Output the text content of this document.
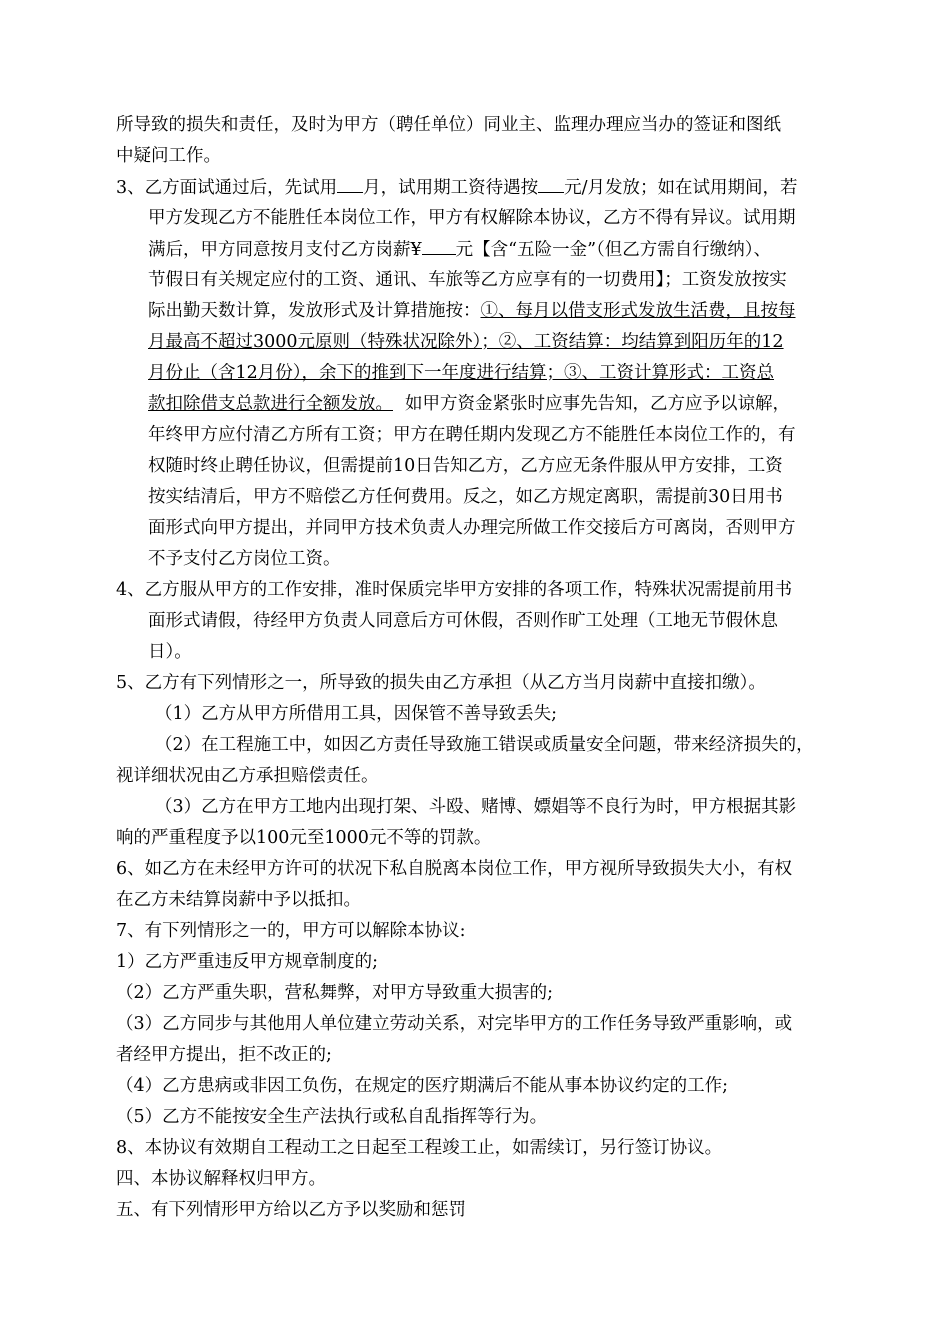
所导致的损失和责任，及时为甲方（聘任单位）同业主、监理办理应当办的签证和图纸
中疑问工作。
3、乙方面试通过后，先试用 月，试用期工资待遇按 元/月发放；如在试用期间，若
甲方发现乙方不能胜任本岗位工作，甲方有权解除本协议，乙方不得有异议。试用期
满后，甲方同意按月支付乙方岗薪¥ 元【含“五险一金”（但乙方需自行缴纳）、
节假日有关规定应付的工资、通讯、车旅等乙方应享有的一切费用】；工资发放按实
际出勤天数计算，发放形式及计算措施按：①、每月以借支形式发放生活费，且按每
月最高不超过3000元原则（特殊状况除外）；②、工资结算：均结算到阳历年的12
月份止（含12月份），余下的推到下一年度进行结算；③、工资计算形式：工资总
款扣除借支总款进行全额发放。 如甲方资金紧张时应事先告知，乙方应予以谅解，
年终甲方应付清乙方所有工资；甲方在聘任期内发现乙方不能胜任本岗位工作的，有
权随时终止聘任协议，但需提前10日告知乙方，乙方应无条件服从甲方安排，工资
按实结清后，甲方不赔偿乙方任何费用。反之，如乙方规定离职，需提前30日用书
面形式向甲方提出，并同甲方技术负责人办理完所做工作交接后方可离岗，否则甲方
不予支付乙方岗位工资。
4、乙方服从甲方的工作安排，准时保质完毕甲方安排的各项工作，特殊状况需提前用书
面形式请假，待经甲方负责人同意后方可休假，否则作旷工处理（工地无节假休息
日）。
5、乙方有下列情形之一，所导致的损失由乙方承担（从乙方当月岗薪中直接扣缴）。
（1）乙方从甲方所借用工具，因保管不善导致丢失;
（2）在工程施工中，如因乙方责任导致施工错误或质量安全问题，带来经济损失的，
视详细状况由乙方承担赔偿责任。
（3）乙方在甲方工地内出现打架、斗殴、赌博、嫖娼等不良行为时，甲方根据其影
响的严重程度予以100元至1000元不等的罚款。
6、如乙方在未经甲方许可的状况下私自脱离本岗位工作，甲方视所导致损失大小，有权
在乙方未结算岗薪中予以抵扣。
7、有下列情形之一的，甲方可以解除本协议:
1）乙方严重违反甲方规章制度的;
（2）乙方严重失职，营私舞弊，对甲方导致重大损害的;
（3）乙方同步与其他用人单位建立劳动关系，对完毕甲方的工作任务导致严重影响，或
者经甲方提出，拒不改正的;
（4）乙方患病或非因工负伤，在规定的医疗期满后不能从事本协议约定的工作;
（5）乙方不能按安全生产法执行或私自乱指挥等行为。
8、本协议有效期自工程动工之日起至工程竣工止，如需续订，另行签订协议。
四、本协议解释权归甲方。
五、有下列情形甲方给以乙方予以奖励和惩罚
